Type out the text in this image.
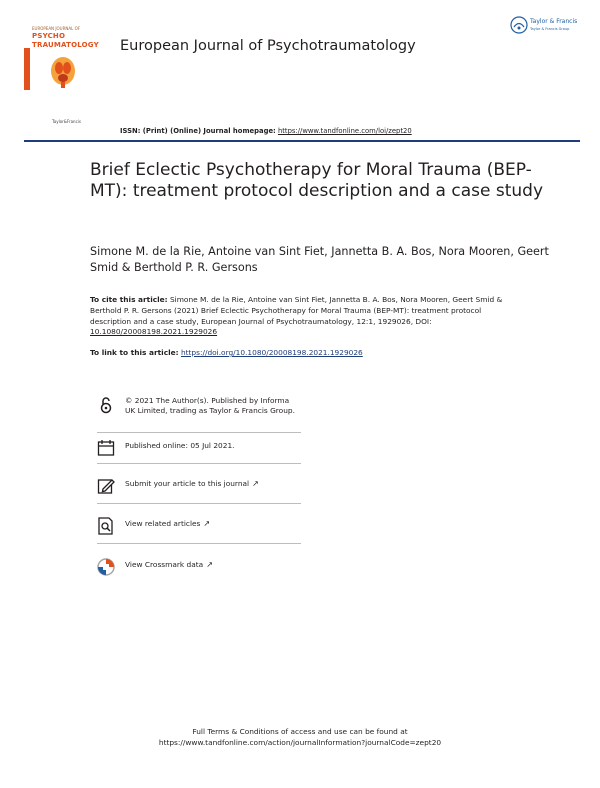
EUROPEAN JOURNAL OF
PSYCHO
TRAUMATOLOGY
Taylor&Francis
European Journal of Psychotraumatology
Taylor & Francis
Taylor & Francis Group
ISSN: (Print) (Online) Journal homepage: https://www.tandfonline.com/loi/zept20
Brief Eclectic Psychotherapy for Moral Trauma (BEP-MT): treatment protocol description and a case study
Simone M. de la Rie, Antoine van Sint Fiet, Jannetta B. A. Bos, Nora Mooren, Geert Smid & Berthold P. R. Gersons
To cite this article: Simone M. de la Rie, Antoine van Sint Fiet, Jannetta B. A. Bos, Nora Mooren, Geert Smid & Berthold P. R. Gersons (2021) Brief Eclectic Psychotherapy for Moral Trauma (BEP-MT): treatment protocol description and a case study, European Journal of Psychotraumatology, 12:1, 1929026, DOI: 10.1080/20008198.2021.1929026
To link to this article: https://doi.org/10.1080/20008198.2021.1929026
© 2021 The Author(s). Published by Informa UK Limited, trading as Taylor & Francis Group.
Published online: 05 Jul 2021.
Submit your article to this journal ↗
View related articles ↗
View Crossmark data ↗
Full Terms & Conditions of access and use can be found at
https://www.tandfonline.com/action/journalInformation?journalCode=zept20
